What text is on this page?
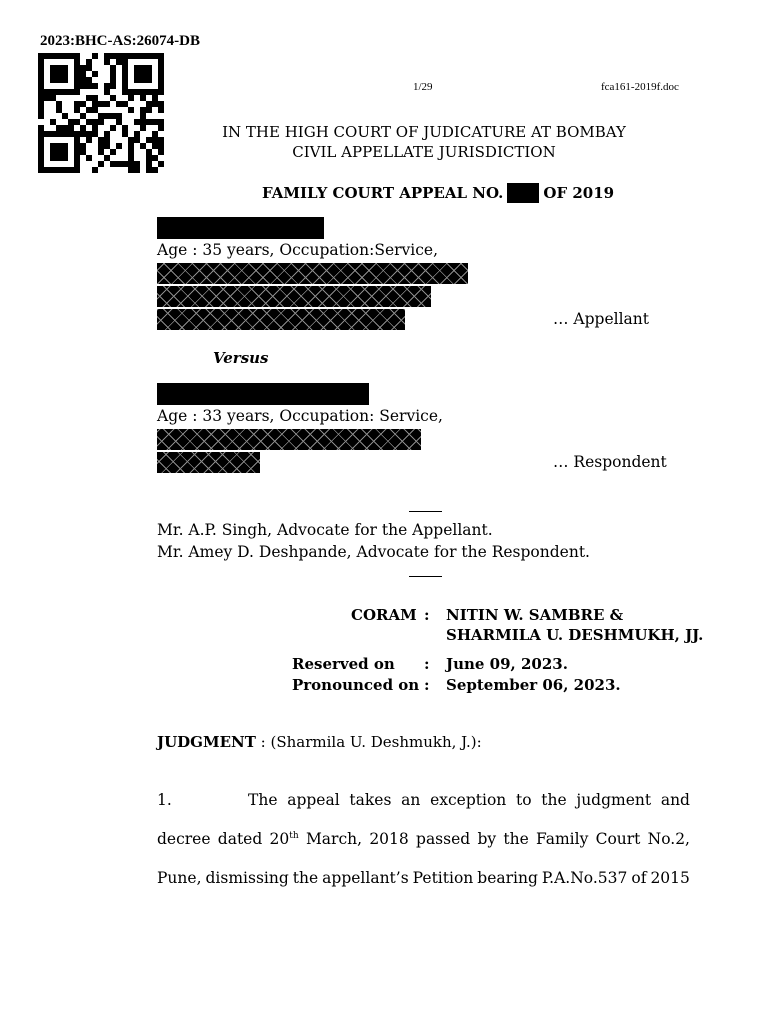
2023:BHC-AS:26074-DB
1/29	fca161-2019f.doc
IN THE HIGH COURT OF JUDICATURE AT BOMBAY
CIVIL APPELLATE JURISDICTION
FAMILY COURT APPEAL NO.	OF 2019
Age : 35 years, Occupation:Service,
… Appellant
Versus
Age : 33 years, Occupation: Service,
… Respondent
Mr. A.P. Singh, Advocate for the Appellant.
Mr. Amey D. Deshpande, Advocate for the Respondent.
CORAM : NITIN W. SAMBRE &
SHARMILA U. DESHMUKH, JJ.
Reserved on : June 09, 2023.
Pronounced on : September 06, 2023.
JUDGMENT : (Sharmila U. Deshmukh, J.):
1.	The appeal takes an exception to the judgment and
decree dated 20th March, 2018 passed by the Family Court No.2,
Pune, dismissing the appellant’s Petition bearing P.A.No.537 of 2015
